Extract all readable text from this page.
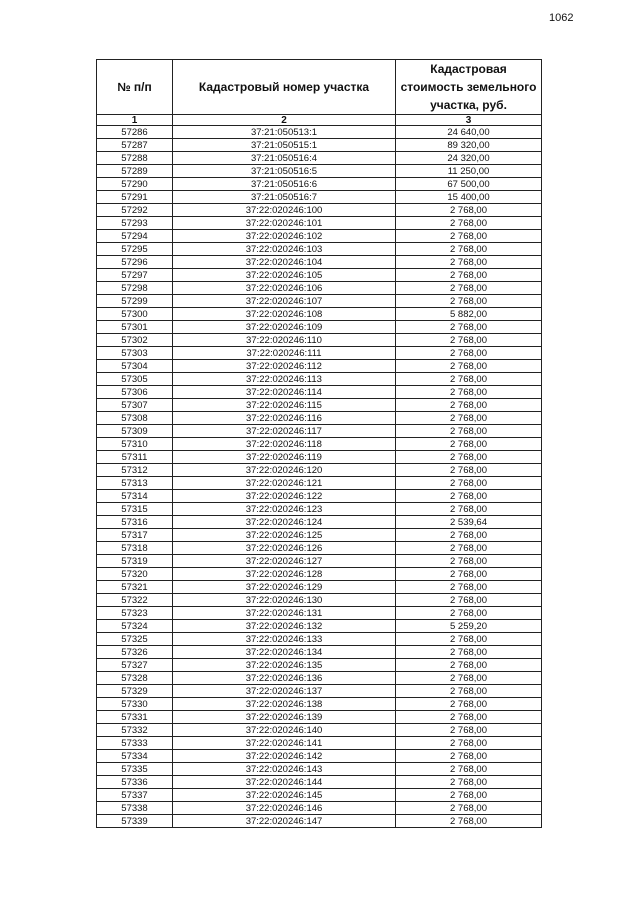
1062
№ п/п	Кадастровый номер участка	Кадастровая стоимость земельного участка, руб.
1	2	3
57286	37:21:050513:1	24 640,00
57287	37:21:050515:1	89 320,00
57288	37:21:050516:4	24 320,00
57289	37:21:050516:5	11 250,00
57290	37:21:050516:6	67 500,00
57291	37:21:050516:7	15 400,00
57292	37:22:020246:100	2 768,00
57293	37:22:020246:101	2 768,00
57294	37:22:020246:102	2 768,00
57295	37:22:020246:103	2 768,00
57296	37:22:020246:104	2 768,00
57297	37:22:020246:105	2 768,00
57298	37:22:020246:106	2 768,00
57299	37:22:020246:107	2 768,00
57300	37:22:020246:108	5 882,00
57301	37:22:020246:109	2 768,00
57302	37:22:020246:110	2 768,00
57303	37:22:020246:111	2 768,00
57304	37:22:020246:112	2 768,00
57305	37:22:020246:113	2 768,00
57306	37:22:020246:114	2 768,00
57307	37:22:020246:115	2 768,00
57308	37:22:020246:116	2 768,00
57309	37:22:020246:117	2 768,00
57310	37:22:020246:118	2 768,00
57311	37:22:020246:119	2 768,00
57312	37:22:020246:120	2 768,00
57313	37:22:020246:121	2 768,00
57314	37:22:020246:122	2 768,00
57315	37:22:020246:123	2 768,00
57316	37:22:020246:124	2 539,64
57317	37:22:020246:125	2 768,00
57318	37:22:020246:126	2 768,00
57319	37:22:020246:127	2 768,00
57320	37:22:020246:128	2 768,00
57321	37:22:020246:129	2 768,00
57322	37:22:020246:130	2 768,00
57323	37:22:020246:131	2 768,00
57324	37:22:020246:132	5 259,20
57325	37:22:020246:133	2 768,00
57326	37:22:020246:134	2 768,00
57327	37:22:020246:135	2 768,00
57328	37:22:020246:136	2 768,00
57329	37:22:020246:137	2 768,00
57330	37:22:020246:138	2 768,00
57331	37:22:020246:139	2 768,00
57332	37:22:020246:140	2 768,00
57333	37:22:020246:141	2 768,00
57334	37:22:020246:142	2 768,00
57335	37:22:020246:143	2 768,00
57336	37:22:020246:144	2 768,00
57337	37:22:020246:145	2 768,00
57338	37:22:020246:146	2 768,00
57339	37:22:020246:147	2 768,00
